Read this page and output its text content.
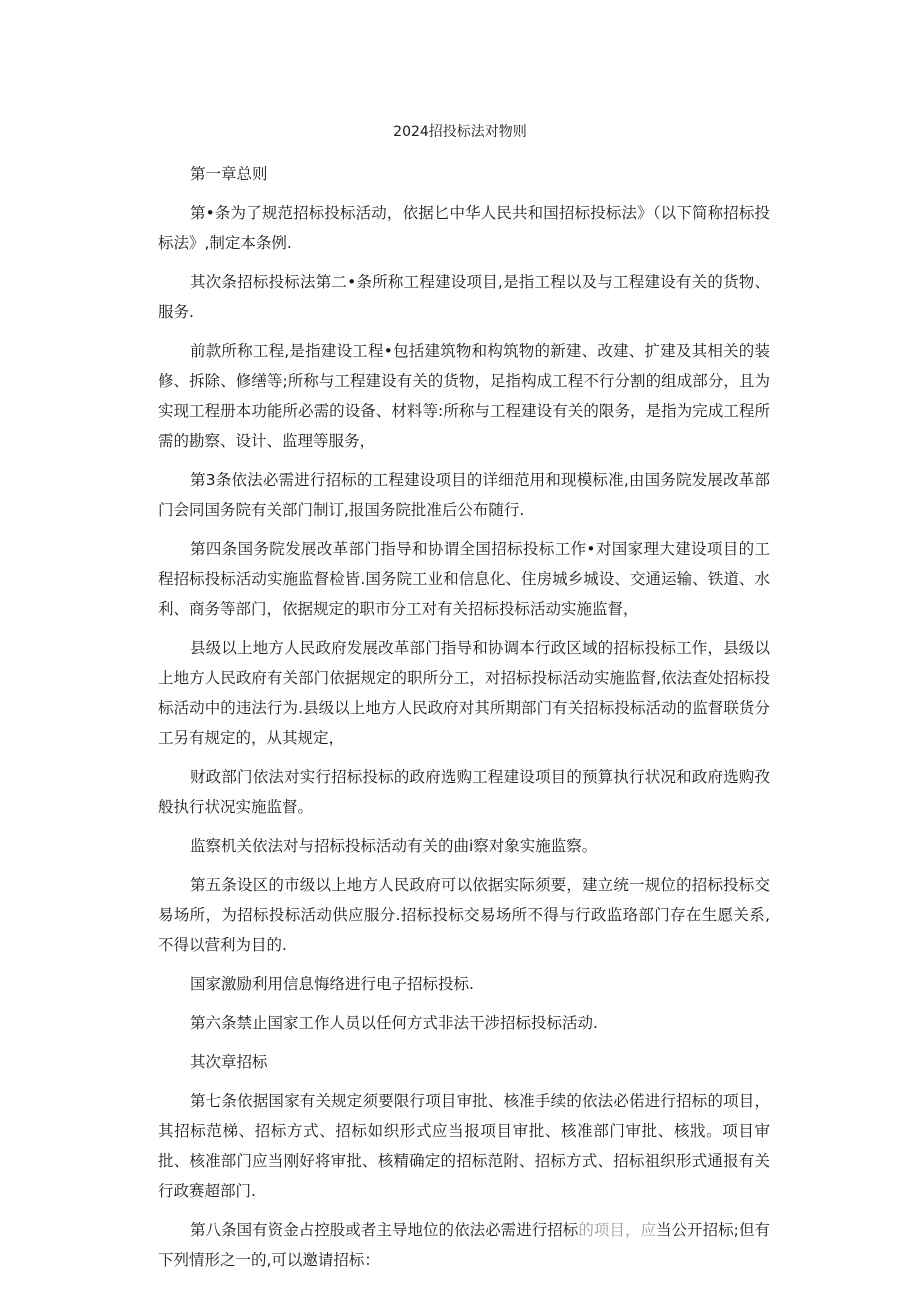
2024招投标法对物则

第一章总则

第•条为了规范招标投标活动，依据匕中华人民共和国招标投标法》（以下简称招标投标法》,制定本条例.

其次条招标投标法第二•条所称工程建设项目,是指工程以及与工程建设有关的货物、服务.

前款所称工程,是指建设工程•包括建筑物和构筑物的新建、改建、扩建及其相关的装修、拆除、修缮等;所称与工程建设有关的货物，足指构成工程不行分割的组成部分，且为实现工程册本功能所必需的设备、材料等:所称与工程建设有关的限务，是指为完成工程所需的勘察、设计、监理等服务，

第3条依法必需进行招标的工程建设项目的详细范用和现模标准,由国务院发展改革部门会同国务院有关部门制订,报国务院批准后公布随行.

第四条国务院发展改革部门指导和协谓全国招标投标工作•对国家理大建设项目的工程招标投标活动实施监督检皆.国务院工业和信息化、住房城乡城设、交通运输、铁道、水利、商务等部门，依据规定的职市分工对有关招标投标活动实施监督，

县级以上地方人民政府发展改革部门指导和协调本行政区域的招标投标工作，县级以上地方人民政府有关部门依据规定的职所分工，对招标投标活动实施监督,依法查处招标投标活动中的违法行为.县级以上地方人民政府对其所期部门有关招标投标活动的监督联货分工另有规定的，从其规定，

财政部门依法对实行招标投标的政府选购工程建设项目的预算执行状况和政府选购孜般执行状况实施监督。

监察机关依法对与招标投标活动有关的曲i察对象实施监察。

第五条设区的市级以上地方人民政府可以依据实际须要，建立统一规位的招标投标交易场所，为招标投标活动供应服分.招标投标交易场所不得与行政监珞部门存在生愿关系,不得以营利为目的.

国家激励利用信息悔络进行电子招标投标.

第六条禁止国家工作人员以任何方式非法干涉招标投标活动.

其次章招标

第七条依据国家有关规定须要限行项目审批、核准手续的依法必偌进行招标的项目，其招标范梯、招标方式、招标如织形式应当报项目审批、核准部门审批、核戕。项目审批、核准部门应当刚好将审批、核精确定的招标范附、招标方式、招标祖织形式通报有关行政赛超部门.

第八条国有资金占控股或者主导地位的依法必需进行招标的项目，应当公开招标;但有下列情形之一的,可以邀请招标：
